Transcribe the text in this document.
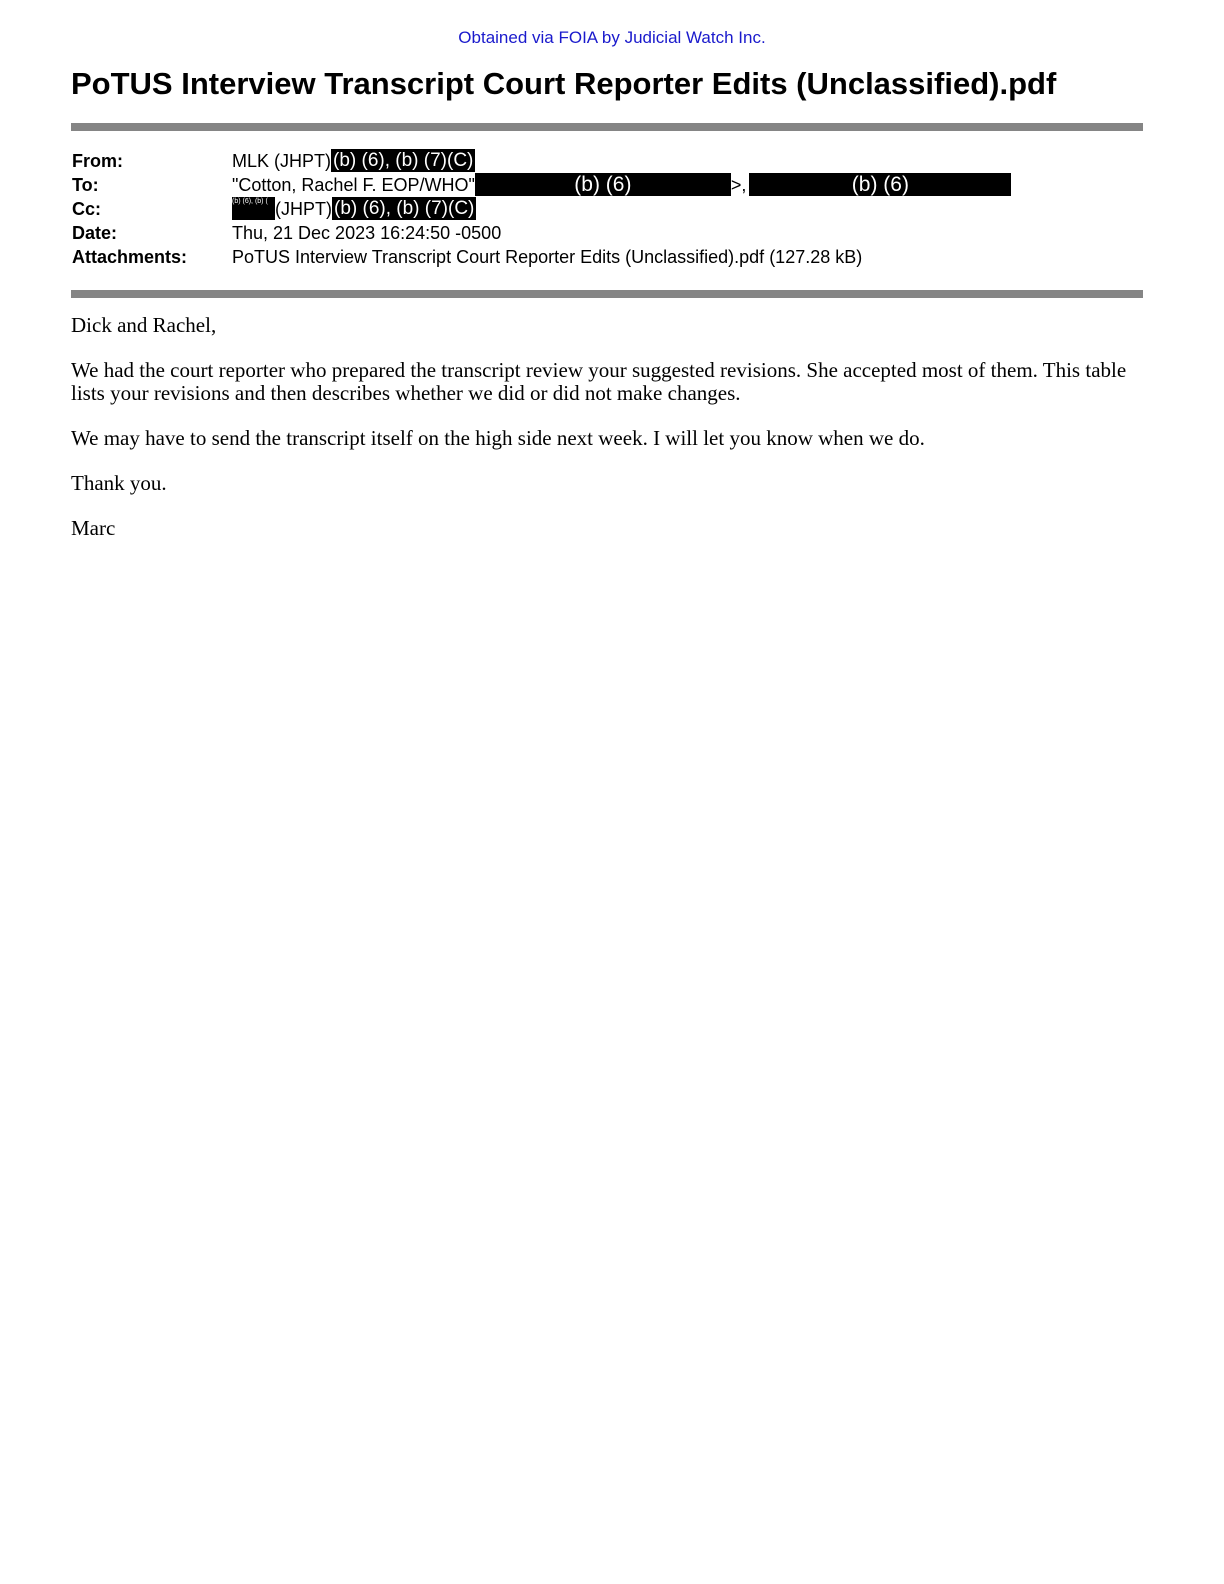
Obtained via FOIA by Judicial Watch Inc.
PoTUS Interview Transcript Court Reporter Edits (Unclassified).pdf
From:	MLK (JHPT) (b) (6), (b) (7)(C)
To:	"Cotton, Rachel F. EOP/WHO"	(b) (6)	>,	(b) (6)
Cc:	(b) (6), (b) ( (JHPT) (b) (6), (b) (7)(C)
Date:	Thu, 21 Dec 2023 16:24:50 -0500
Attachments: PoTUS Interview Transcript Court Reporter Edits (Unclassified).pdf (127.28 kB)

Dick and Rachel,

We had the court reporter who prepared the transcript review your suggested revisions. She accepted most of them. This table lists your revisions and then describes whether we did or did not make changes.

We may have to send the transcript itself on the high side next week. I will let you know when we do.

Thank you.

Marc
